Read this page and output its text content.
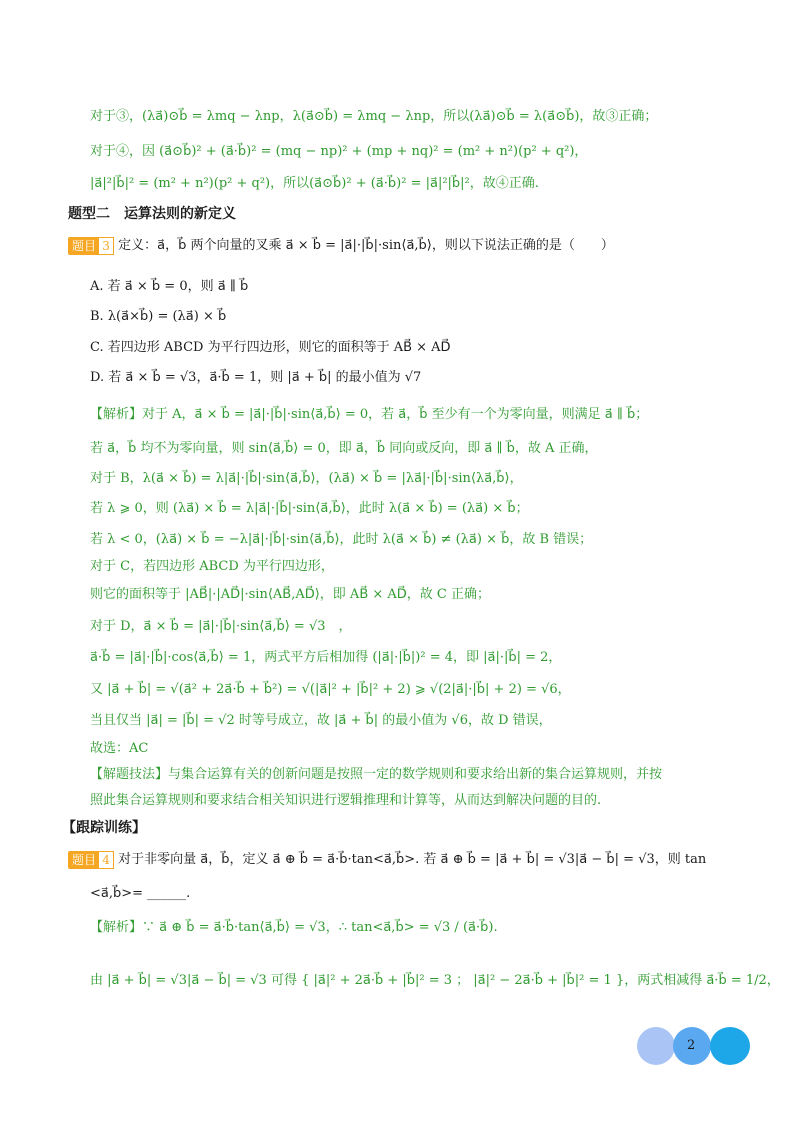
对于③，(λa⃗)⊙b⃗ = λmq − λnp，λ(a⃗⊙b⃗) = λmq − λnp，所以(λa⃗)⊙b⃗ = λ(a⃗⊙b⃗)，故③正确；
对于④，因 (a⃗⊙b⃗)² + (a⃗·b⃗)² = (mq − np)² + (mp + nq)² = (m² + n²)(p² + q²)，
|a⃗|²|b⃗|² = (m² + n²)(p² + q²)，所以(a⃗⊙b⃗)² + (a⃗·b⃗)² = |a⃗|²|b⃗|²，故④正确.
题型二　运算法则的新定义
题目 3 定义：a⃗，b⃗ 两个向量的叉乘 a⃗ × b⃗ = |a⃗|·|b⃗|·sin⟨a⃗,b⃗⟩，则以下说法正确的是（　　）
A. 若 a⃗ × b⃗ = 0，则 a⃗ ∥ b⃗
B. λ(a⃗×b⃗) = (λa⃗) × b⃗
C. 若四边形 ABCD 为平行四边形，则它的面积等于 AB⃗ × AD⃗
D. 若 a⃗ × b⃗ = √3，a⃗·b⃗ = 1，则 |a⃗ + b⃗| 的最小值为 √7
【解析】对于 A，a⃗ × b⃗ = |a⃗|·|b⃗|·sin⟨a⃗,b⃗⟩ = 0，若 a⃗，b⃗ 至少有一个为零向量，则满足 a⃗ ∥ b⃗；
若 a⃗，b⃗ 均不为零向量，则 sin⟨a⃗,b⃗⟩ = 0，即 a⃗，b⃗ 同向或反向，即 a⃗ ∥ b⃗，故 A 正确，
对于 B，λ(a⃗ × b⃗) = λ|a⃗|·|b⃗|·sin⟨a⃗,b⃗⟩，(λa⃗) × b⃗ = |λa⃗|·|b⃗|·sin⟨λa⃗,b⃗⟩，
若 λ ⩾ 0，则 (λa⃗) × b⃗ = λ|a⃗|·|b⃗|·sin⟨a⃗,b⃗⟩，此时 λ(a⃗ × b⃗) = (λa⃗) × b⃗；
若 λ < 0，(λa⃗) × b⃗ = −λ|a⃗|·|b⃗|·sin⟨a⃗,b⃗⟩，此时 λ(a⃗ × b⃗) ≠ (λa⃗) × b⃗，故 B 错误；
对于 C，若四边形 ABCD 为平行四边形，
则它的面积等于 |AB⃗|·|AD⃗|·sin⟨AB⃗,AD⃗⟩，即 AB⃗ × AD⃗，故 C 正确；
对于 D，a⃗ × b⃗ = |a⃗|·|b⃗|·sin⟨a⃗,b⃗⟩ = √3　，
a⃗·b⃗ = |a⃗|·|b⃗|·cos⟨a⃗,b⃗⟩ = 1，两式平方后相加得 (|a⃗|·|b⃗|)² = 4，即 |a⃗|·|b⃗| = 2，
又 |a⃗ + b⃗| = √(a⃗² + 2a⃗·b⃗ + b⃗²) = √(|a⃗|² + |b⃗|² + 2) ⩾ √(2|a⃗|·|b⃗| + 2) = √6，
当且仅当 |a⃗| = |b⃗| = √2 时等号成立，故 |a⃗ + b⃗| 的最小值为 √6，故 D 错误，
故选：AC
【解题技法】与集合运算有关的创新问题是按照一定的数学规则和要求给出新的集合运算规则，并按
照此集合运算规则和要求结合相关知识进行逻辑推理和计算等，从而达到解决问题的目的.
【跟踪训练】
题目 4 对于非零向量 a⃗，b⃗，定义 a⃗ ⊕ b⃗ = a⃗·b⃗·tan<a⃗,b⃗>. 若 a⃗ ⊕ b⃗ = |a⃗ + b⃗| = √3|a⃗ − b⃗| = √3，则 tan
<a⃗,b⃗>= ______.
【解析】∵ a⃗ ⊕ b⃗ = a⃗·b⃗·tan⟨a⃗,b⃗⟩ = √3，∴ tan<a⃗,b⃗> = √3 / (a⃗·b⃗).
由 |a⃗ + b⃗| = √3|a⃗ − b⃗| = √3 可得 { |a⃗|² + 2a⃗·b⃗ + |b⃗|² = 3 ； |a⃗|² − 2a⃗·b⃗ + |b⃗|² = 1 }，两式相减得 a⃗·b⃗ = 1/2，
2
